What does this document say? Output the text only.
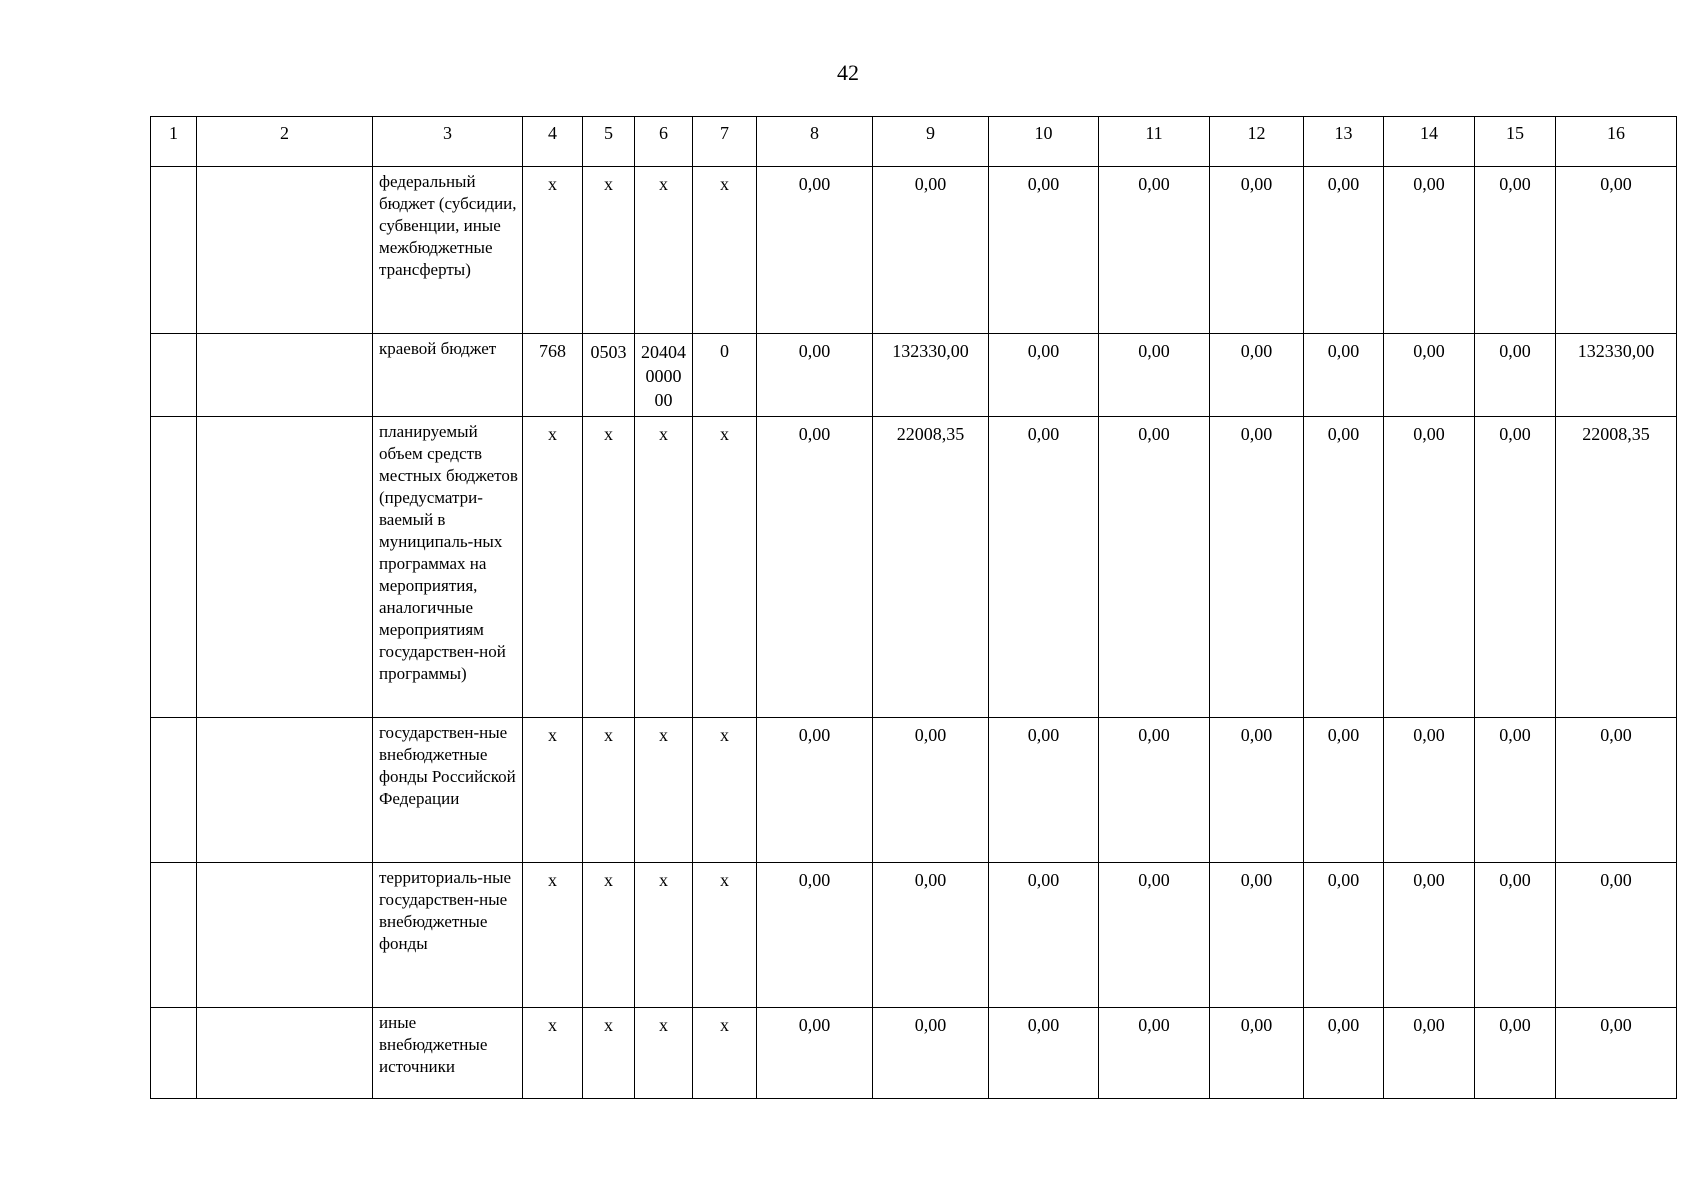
42
1	2	3	4	5	6	7	8	9	10	11	12	13	14	15	16

		федеральный бюджет (субсидии, субвенции, иные межбюджетные трансферты)	x	x	x	x	0,00	0,00	0,00	0,00	0,00	0,00	0,00	0,00	0,00

		краевой бюджет	768	0503	204040000 00	0	0,00	132330,00	0,00	0,00	0,00	0,00	0,00	0,00	132330,00

		планируемый объем средств местных бюджетов (предусматри-ваемый в муниципаль-ных программах на мероприятия, аналогичные мероприятиям государствен-ной программы)	x	x	x	x	0,00	22008,35	0,00	0,00	0,00	0,00	0,00	0,00	22008,35

		государствен-ные внебюджетные фонды Российской Федерации	x	x	x	x	0,00	0,00	0,00	0,00	0,00	0,00	0,00	0,00	0,00

		территориаль-ные государствен-ные внебюджетные фонды	x	x	x	x	0,00	0,00	0,00	0,00	0,00	0,00	0,00	0,00	0,00

		иные внебюджетные источники	x	x	x	x	0,00	0,00	0,00	0,00	0,00	0,00	0,00	0,00	0,00
